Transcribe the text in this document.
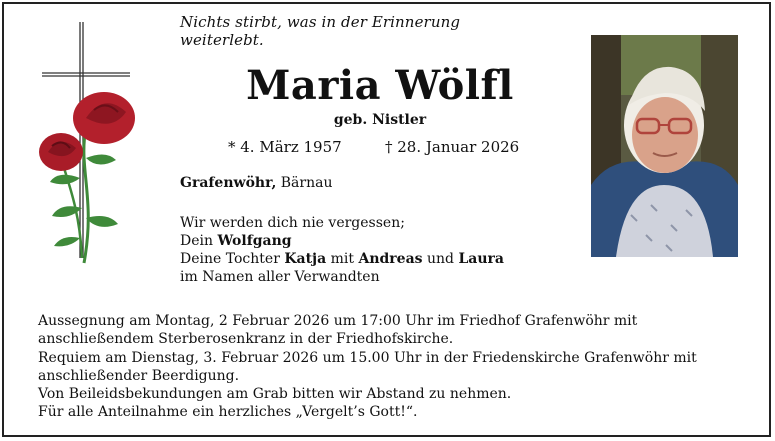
Nichts stirbt, was in der Erinnerung weiterlebt.
Maria Wölfl
geb. Nistler
* 4. März 1957	† 28. Januar 2026
Grafenwöhr, Bärnau
Wir werden dich nie vergessen;
Dein Wolfgang
Deine Tochter Katja mit Andreas und Laura
im Namen aller Verwandten
Aussegnung am Montag, 2 Februar 2026 um 17:00 Uhr im Friedhof Grafenwöhr mit
anschließendem Sterberosenkranz in der Friedhofskirche.
Requiem am Dienstag, 3. Februar 2026 um 15.00 Uhr in der Friedenskirche Grafenwöhr mit
anschließender Beerdigung.
Von Beileidsbekundungen am Grab bitten wir Abstand zu nehmen.
Für alle Anteilnahme ein herzliches „Vergelt’s Gott!“.
